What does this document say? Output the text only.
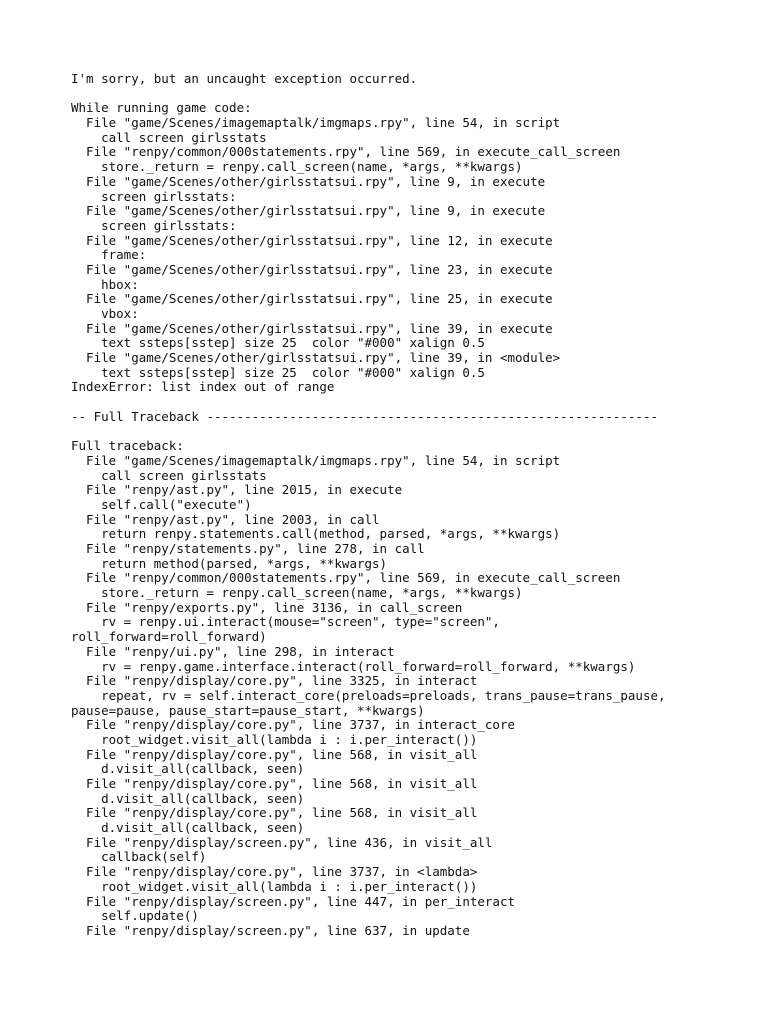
I'm sorry, but an uncaught exception occurred.
While running game code:
File "game/Scenes/imagemaptalk/imgmaps.rpy", line 54, in script
call screen girlsstats
File "renpy/common/000statements.rpy", line 569, in execute_call_screen
store._return = renpy.call_screen(name, *args, **kwargs)
File "game/Scenes/other/girlsstatsui.rpy", line 9, in execute
screen girlsstats:
File "game/Scenes/other/girlsstatsui.rpy", line 9, in execute
screen girlsstats:
File "game/Scenes/other/girlsstatsui.rpy", line 12, in execute
frame:
File "game/Scenes/other/girlsstatsui.rpy", line 23, in execute
hbox:
File "game/Scenes/other/girlsstatsui.rpy", line 25, in execute
vbox:
File "game/Scenes/other/girlsstatsui.rpy", line 39, in execute
text ssteps[sstep] size 25  color "#000" xalign 0.5
File "game/Scenes/other/girlsstatsui.rpy", line 39, in <module>
text ssteps[sstep] size 25  color "#000" xalign 0.5
IndexError: list index out of range
-- Full Traceback ------------------------------------------------------------
Full traceback:
File "game/Scenes/imagemaptalk/imgmaps.rpy", line 54, in script
call screen girlsstats
File "renpy/ast.py", line 2015, in execute
self.call("execute")
File "renpy/ast.py", line 2003, in call
return renpy.statements.call(method, parsed, *args, **kwargs)
File "renpy/statements.py", line 278, in call
return method(parsed, *args, **kwargs)
File "renpy/common/000statements.rpy", line 569, in execute_call_screen
store._return = renpy.call_screen(name, *args, **kwargs)
File "renpy/exports.py", line 3136, in call_screen
rv = renpy.ui.interact(mouse="screen", type="screen",
roll_forward=roll_forward)
File "renpy/ui.py", line 298, in interact
rv = renpy.game.interface.interact(roll_forward=roll_forward, **kwargs)
File "renpy/display/core.py", line 3325, in interact
repeat, rv = self.interact_core(preloads=preloads, trans_pause=trans_pause,
pause=pause, pause_start=pause_start, **kwargs)
File "renpy/display/core.py", line 3737, in interact_core
root_widget.visit_all(lambda i : i.per_interact())
File "renpy/display/core.py", line 568, in visit_all
d.visit_all(callback, seen)
File "renpy/display/core.py", line 568, in visit_all
d.visit_all(callback, seen)
File "renpy/display/core.py", line 568, in visit_all
d.visit_all(callback, seen)
File "renpy/display/screen.py", line 436, in visit_all
callback(self)
File "renpy/display/core.py", line 3737, in <lambda>
root_widget.visit_all(lambda i : i.per_interact())
File "renpy/display/screen.py", line 447, in per_interact
self.update()
File "renpy/display/screen.py", line 637, in update
